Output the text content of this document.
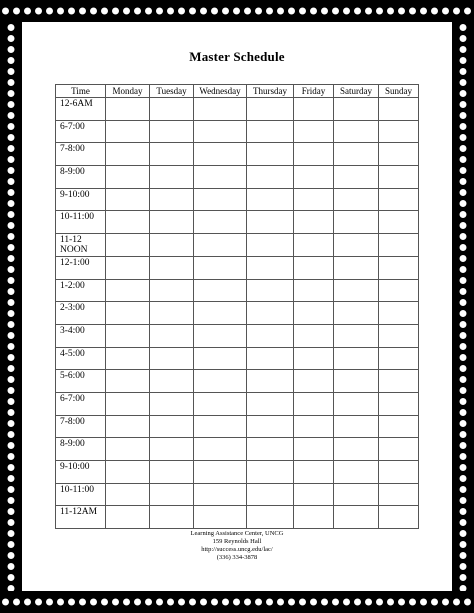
Master Schedule
Time	Monday	Tuesday	Wednesday	Thursday	Friday	Saturday	Sunday
12-6AM							
6-7:00							
7-8:00							
8-9:00							
9-10:00							
10-11:00							
11-12
NOON							
12-1:00							
1-2:00							
2-3:00							
3-4:00							
4-5:00							
5-6:00							
6-7:00							
7-8:00							
8-9:00							
9-10:00							
10-11:00							
11-12AM							
Learning Assistance Center, UNCG
159 Reynolds Hall
http://success.uncg.edu/lac/
(336) 334-3878
